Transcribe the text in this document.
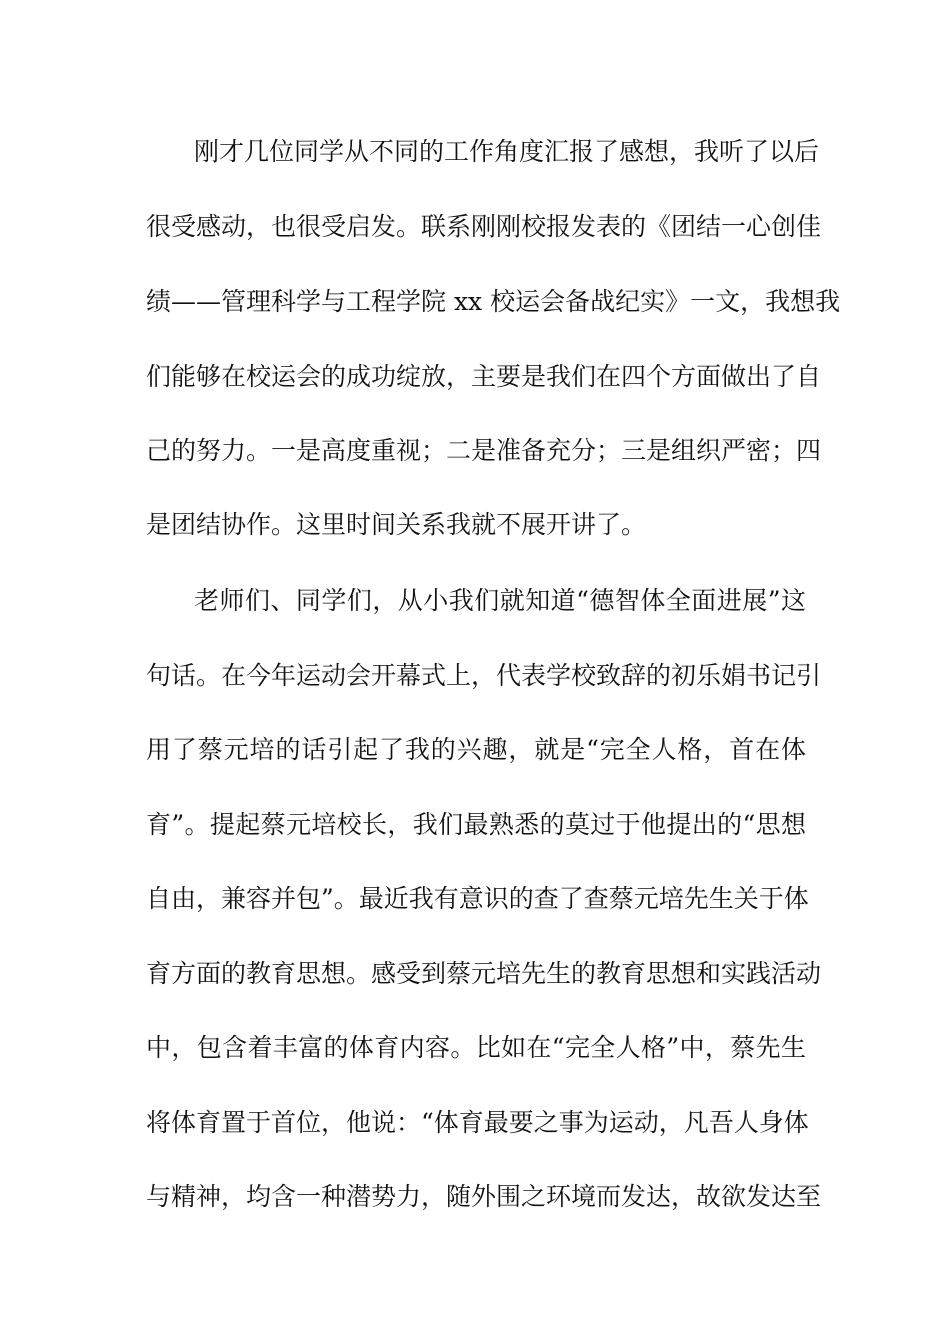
刚才几位同学从不同的工作角度汇报了感想，我听了以后
很受感动，也很受启发。联系刚刚校报发表的《团结一心创佳
绩——管理科学与工程学院 xx 校运会备战纪实》一文，我想我
们能够在校运会的成功绽放，主要是我们在四个方面做出了自
己的努力。一是高度重视；二是准备充分；三是组织严密；四
是团结协作。这里时间关系我就不展开讲了。
老师们、同学们，从小我们就知道“德智体全面进展”这
句话。在今年运动会开幕式上，代表学校致辞的初乐娟书记引
用了蔡元培的话引起了我的兴趣，就是“完全人格，首在体
育”。提起蔡元培校长，我们最熟悉的莫过于他提出的“思想
自由，兼容并包”。最近我有意识的查了查蔡元培先生关于体
育方面的教育思想。感受到蔡元培先生的教育思想和实践活动
中，包含着丰富的体育内容。比如在“完全人格”中，蔡先生
将体育置于首位，他说：“体育最要之事为运动，凡吾人身体
与精神，均含一种潜势力，随外围之环境而发达，故欲发达至
